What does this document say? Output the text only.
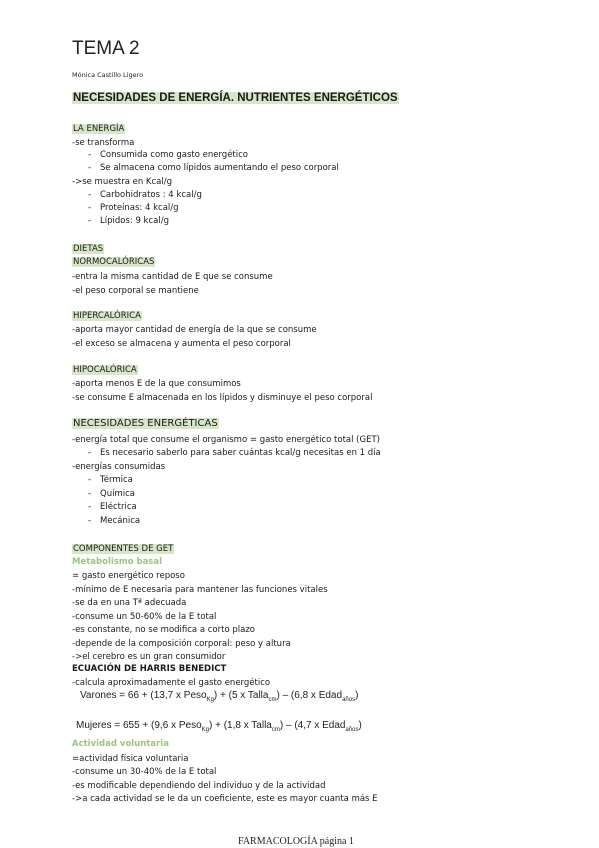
TEMA 2
Mónica Castillo Ligero
NECESIDADES DE ENERGÍA. NUTRIENTES ENERGÉTICOS
LA ENERGÍA
-se transforma
- Consumida como gasto energético
- Se almacena como lípidos aumentando el peso corporal
->se muestra en Kcal/g
- Carbohidratos : 4 kcal/g
- Proteínas: 4 kcal/g
- Lípidos: 9 kcal/g
DIETAS
NORMOCALÓRICAS
-entra la misma cantidad de E que se consume
-el peso corporal se mantiene
HIPERCALÓRICA
-aporta mayor cantidad de energía de la que se consume
-el exceso se almacena y aumenta el peso corporal
HIPOCALÓRICA
-aporta menos E de la que consumimos
-se consume E almacenada en los lípidos y disminuye el peso corporal
NECESIDADES ENERGÉTICAS
-energía total que consume el organismo = gasto energético total (GET)
- Es necesario saberlo para saber cuántas kcal/g necesitas en 1 día
-energías consumidas
- Térmica
- Química
- Eléctrica
- Mecánica
COMPONENTES DE GET
Metabolismo basal
= gasto energético reposo
-mínimo de E necesaria para mantener las funciones vitales
-se da en una Tª adecuada
-consume un 50-60% de la E total
-es constante, no se modifica a corto plazo
-depende de la composición corporal: peso y altura
->el cerebro es un gran consumidor
ECUACIÓN DE HARRIS BENEDICT
-calcula aproximadamente el gasto energético
Varones = 66 + (13,7 x Peso$_{Kg}$) + (5 x Talla$_{cm}$) – (6,8 x Edad$_{años}$)
Mujeres = 655 + (9,6 x Peso$_{Kg}$) + (1,8 x Talla$_{cm}$) – (4,7 x Edad$_{años}$)
Actividad voluntaria
=actividad física voluntaria
-consume un 30-40% de la E total
-es modificable dependiendo del individuo y de la actividad
->a cada actividad se le da un coeficiente, este es mayor cuanta más E
FARMACOLOGÍA página 1
